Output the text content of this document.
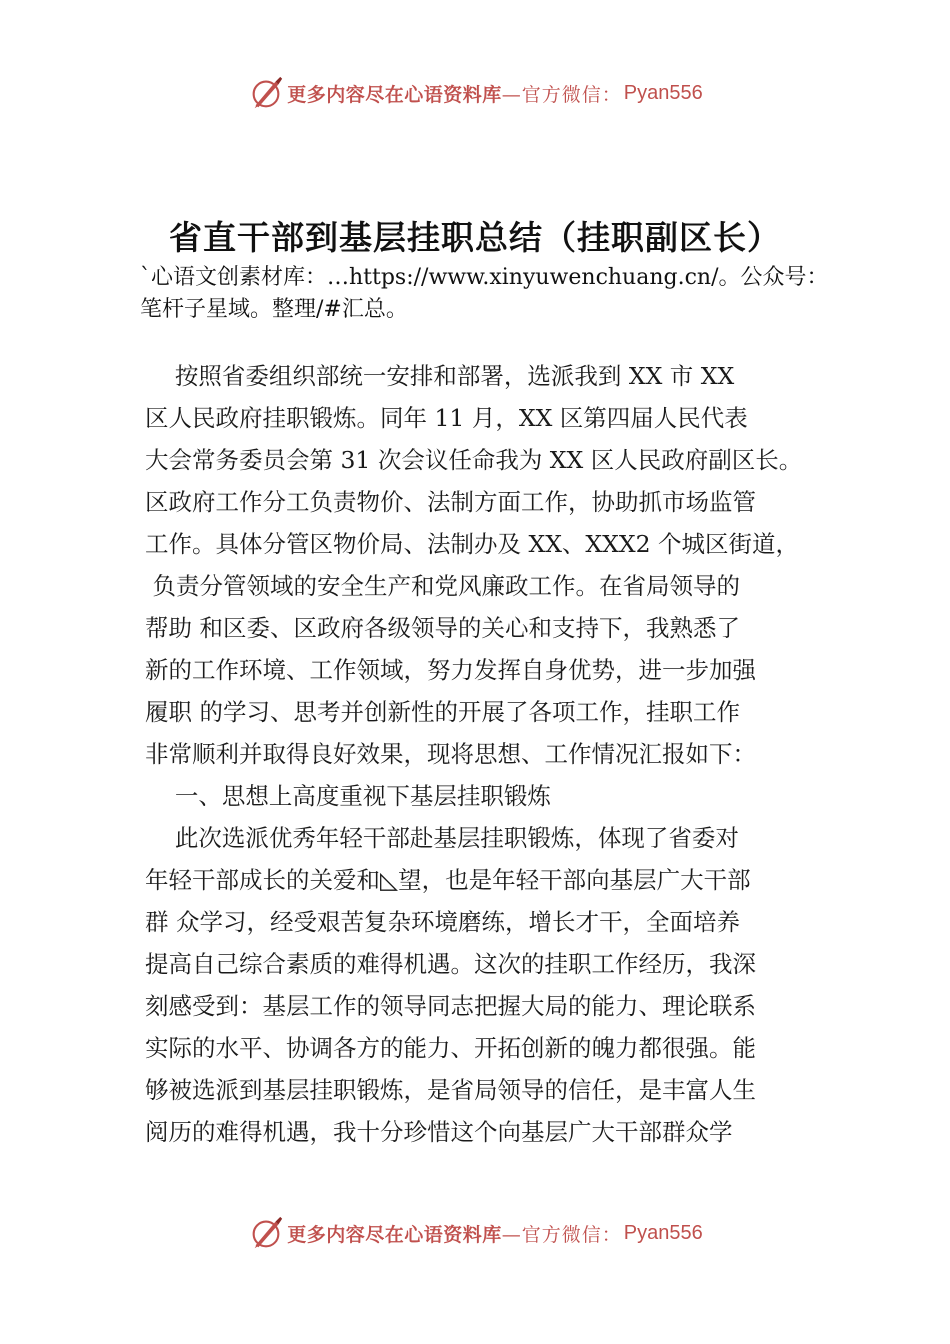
更多内容尽在心语资料库 —官方微信： Pyan556
省直干部到基层挂职总结（挂职副区长）
`心语文创素材库：…https://www.xinyuwenchuang.cn/。公众号：笔杆子星域。整理/#汇总。
按照省委组织部统一安排和部署，选派我到 XX 市 XX
区人民政府挂职锻炼。同年 11 月，XX 区第四届人民代表
大会常务委员会第 31 次会议任命我为 XX 区人民政府副区长。
区政府工作分工负责物价、法制方面工作，协助抓市场监管
工作。具体分管区物价局、法制办及 XX、XXX2 个城区街道，
负责分管领域的安全生产和党风廉政工作。在省局领导的
帮助 和区委、区政府各级领导的关心和支持下，我熟悉了
新的工作环境、工作领域，努力发挥自身优势，进一步加强
履职 的学习、思考并创新性的开展了各项工作，挂职工作
非常顺利并取得良好效果，现将思想、工作情况汇报如下：
一、思想上高度重视下基层挂职锻炼
此次选派优秀年轻干部赴基层挂职锻炼，体现了省委对
年轻干部成长的关爱和◺望，也是年轻干部向基层广大干部
群 众学习，经受艰苦复杂环境磨练，增长才干，全面培养
提高自己综合素质的难得机遇。这次的挂职工作经历，我深
刻感受到：基层工作的领导同志把握大局的能力、理论联系
实际的水平、协调各方的能力、开拓创新的魄力都很强。能
够被选派到基层挂职锻炼，是省局领导的信任，是丰富人生
阅历的难得机遇，我十分珍惜这个向基层广大干部群众学
更多内容尽在心语资料库 —官方微信： Pyan556
